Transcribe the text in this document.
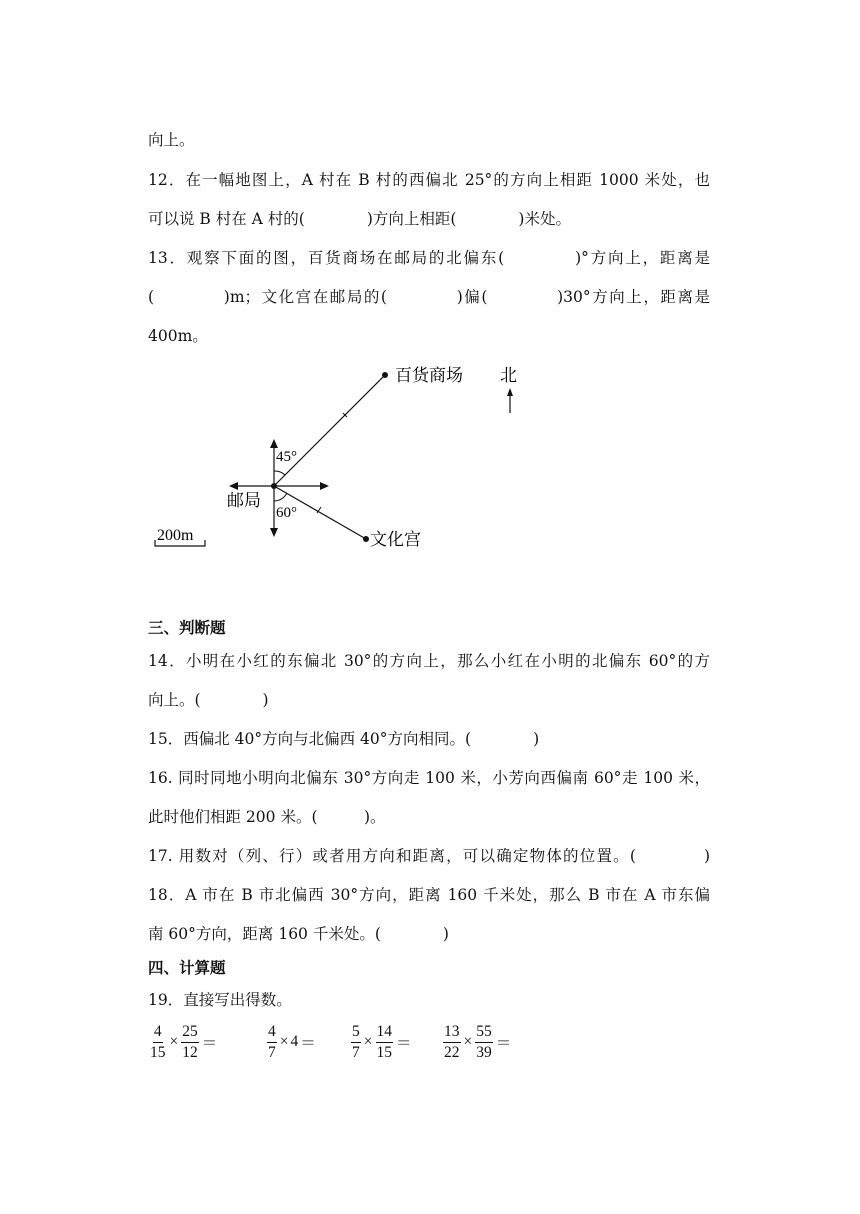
向上。
12．在一幅地图上，A 村在 B 村的西偏北 25°的方向上相距 1000 米处，也
可以说 B 村在 A 村的(　　　　)方向上相距(　　　　)米处。
13．观察下面的图，百货商场在邮局的北偏东(　　　　)°方向上，距离是
(　　　　)m；文化宫在邮局的(　　　　)偏(　　　　)30°方向上，距离是
400m。
百货商场 北
45°
邮局
60°
文化宫
200m
三、判断题
14．小明在小红的东偏北 30°的方向上，那么小红在小明的北偏东 60°的方
向上。(　　　　)
15．西偏北 40°方向与北偏西 40°方向相同。(　　　　)
16. 同时同地小明向北偏东 30°方向走 100 米，小芳向西偏南 60°走 100 米，
此时他们相距 200 米。(　　　)。
17. 用数对（列、行）或者用方向和距离，可以确定物体的位置。(　　　　)
18．A 市在 B 市北偏西 30°方向，距离 160 千米处，那么 B 市在 A 市东偏
南 60°方向，距离 160 千米处。(　　　　)
四、计算题
19．直接写出得数。
$\frac{4}{15} \times \frac{25}{12}$ ＝	$\frac{4}{7} \times 4 = \frac{5}{7} \times \frac{14}{15} = \frac{13}{22} \times \frac{55}{39}$ ＝
